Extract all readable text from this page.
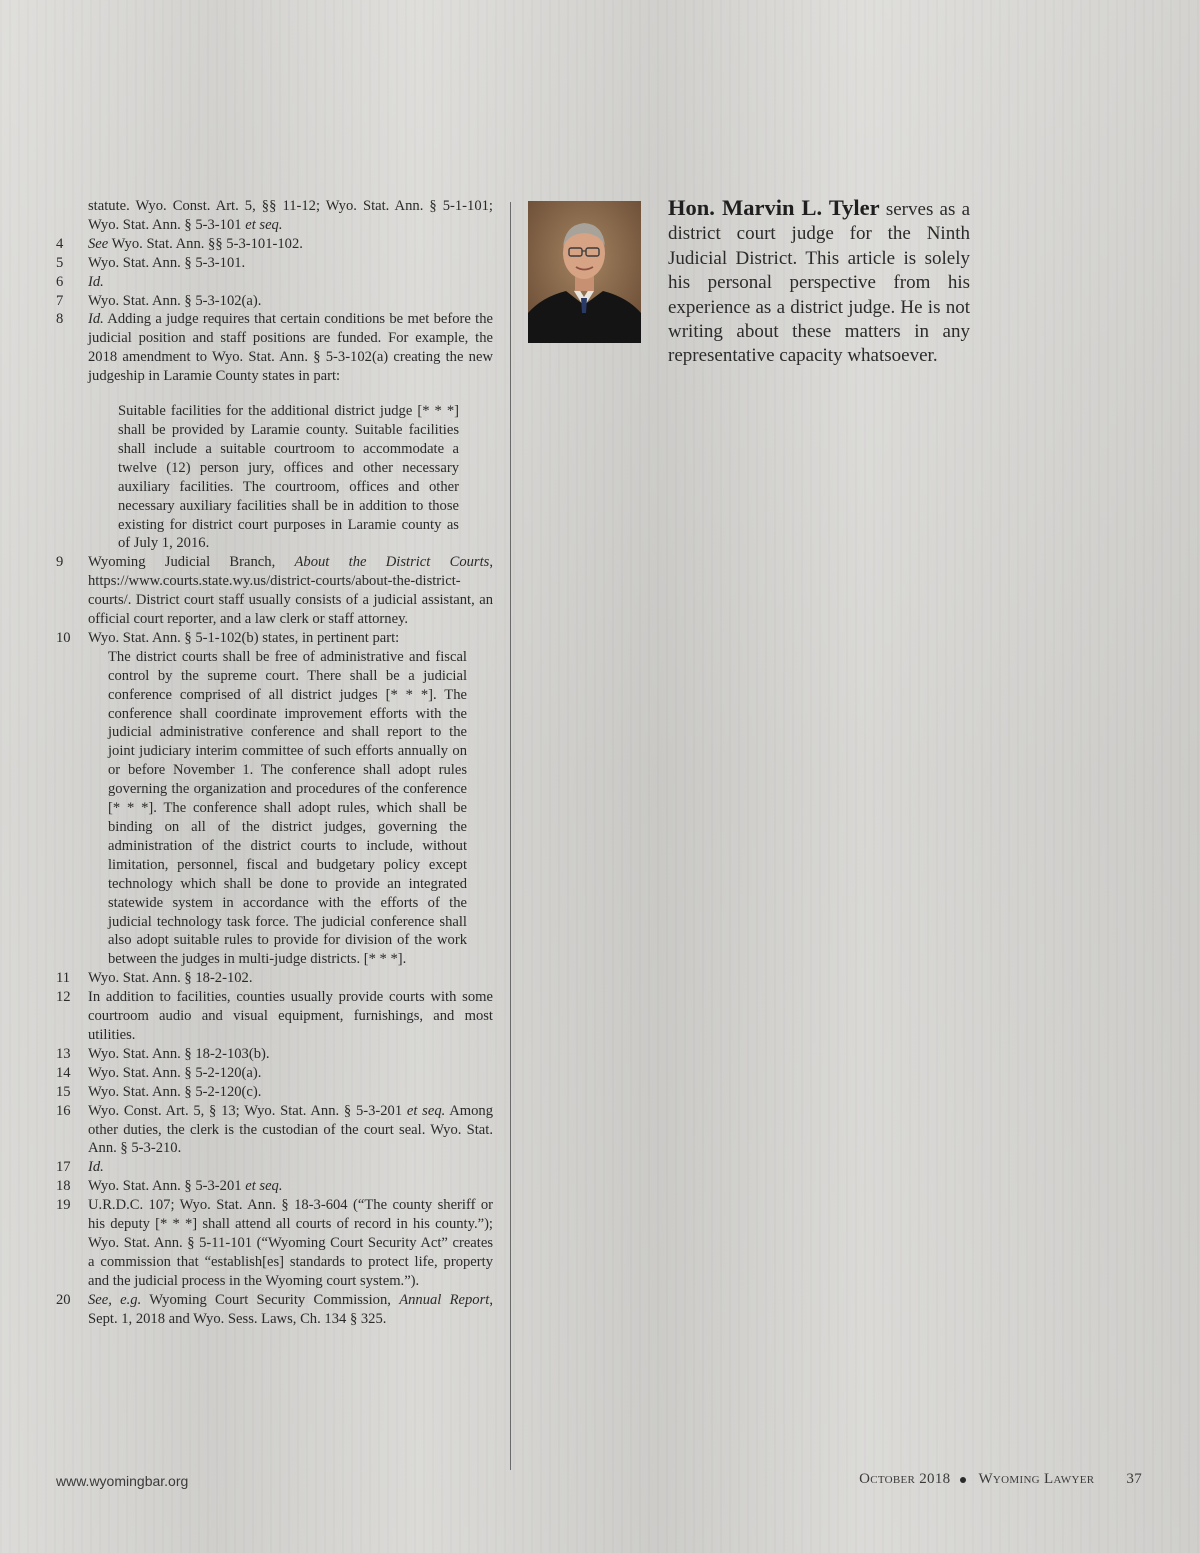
statute. Wyo. Const. Art. 5, §§ 11-12; Wyo. Stat. Ann. § 5-1-101; Wyo. Stat. Ann. § 5-3-101 et seq.
4	See Wyo. Stat. Ann. §§ 5-3-101-102.
5	Wyo. Stat. Ann. § 5-3-101.
6	Id.
7	Wyo. Stat. Ann. § 5-3-102(a).
8	Id. Adding a judge requires that certain conditions be met before the judicial position and staff positions are funded. For example, the 2018 amendment to Wyo. Stat. Ann. § 5-3-102(a) creating the new judgeship in Laramie County states in part:
Suitable facilities for the additional district judge [* * *] shall be provided by Laramie county. Suitable facilities shall include a suitable courtroom to accommodate a twelve (12) person jury, offices and other necessary auxiliary facilities. The courtroom, offices and other necessary auxiliary facilities shall be in addition to those existing for district court purposes in Laramie county as of July 1, 2016.
9	Wyoming Judicial Branch, About the District Courts, https://www.courts.state.wy.us/district-courts/about-the-district-courts/. District court staff usually consists of a judicial assistant, an official court reporter, and a law clerk or staff attorney.
10	Wyo. Stat. Ann. § 5-1-102(b) states, in pertinent part:
The district courts shall be free of administrative and fiscal control by the supreme court. There shall be a judicial conference comprised of all district judges [* * *]. The conference shall coordinate improvement efforts with the judicial administrative conference and shall report to the joint judiciary interim committee of such efforts annually on or before November 1. The conference shall adopt rules governing the organization and procedures of the conference [* * *]. The conference shall adopt rules, which shall be binding on all of the district judges, governing the administration of the district courts to include, without limitation, personnel, fiscal and budgetary policy except technology which shall be done to provide an integrated statewide system in accordance with the efforts of the judicial technology task force. The judicial conference shall also adopt suitable rules to provide for division of the work between the judges in multi-judge districts. [* * *].
11	Wyo. Stat. Ann. § 18-2-102.
12	In addition to facilities, counties usually provide courts with some courtroom audio and visual equipment, furnishings, and most utilities.
13	Wyo. Stat. Ann. § 18-2-103(b).
14	Wyo. Stat. Ann. § 5-2-120(a).
15	Wyo. Stat. Ann. § 5-2-120(c).
16	Wyo. Const. Art. 5, § 13; Wyo. Stat. Ann. § 5-3-201 et seq. Among other duties, the clerk is the custodian of the court seal. Wyo. Stat. Ann. § 5-3-210.
17	Id.
18	Wyo. Stat. Ann. § 5-3-201 et seq.
19	U.R.D.C. 107; Wyo. Stat. Ann. § 18-3-604 (“The county sheriff or his deputy [* * *] shall attend all courts of record in his county.”); Wyo. Stat. Ann. § 5-11-101 (“Wyoming Court Security Act” creates a commission that “establish[es] standards to protect life, property and the judicial process in the Wyoming court system.”).
20	See, e.g. Wyoming Court Security Commission, Annual Report, Sept. 1, 2018 and Wyo. Sess. Laws, Ch. 134 § 325.
Hon. Marvin L. Tyler serves as a district court judge for the Ninth Judicial District. This article is solely his personal perspective from his experience as a district judge. He is not writing about these matters in any representative capacity whatsoever.
www.wyomingbar.org	October 2018 Wyoming Lawyer 37
